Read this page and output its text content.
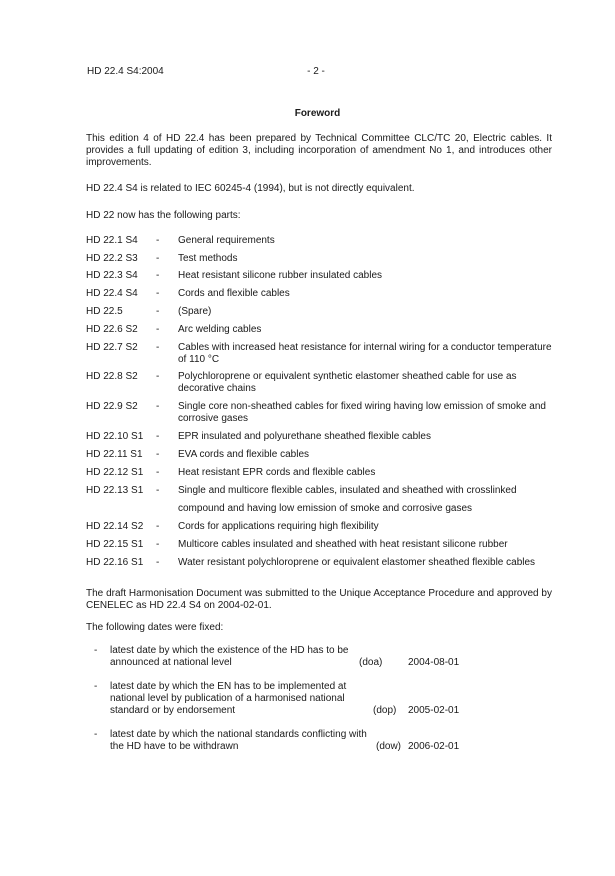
HD 22.4 S4:2004	- 2 -
Foreword
This edition 4 of HD 22.4 has been prepared by Technical Committee CLC/TC 20, Electric cables. It provides a full updating of edition 3, including incorporation of amendment No 1, and introduces other improvements.
HD 22.4 S4 is related to IEC 60245-4 (1994), but is not directly equivalent.
HD 22 now has the following parts:
HD 22.1 S4 - General requirements
HD 22.2 S3 - Test methods
HD 22.3 S4 - Heat resistant silicone rubber insulated cables
HD 22.4 S4 - Cords and flexible cables
HD 22.5	- (Spare)
HD 22.6 S2 - Arc welding cables
HD 22.7 S2 - Cables with increased heat resistance for internal wiring for a conductor temperature of 110 °C
HD 22.8 S2 - Polychloroprene or equivalent synthetic elastomer sheathed cable for use as decorative chains
HD 22.9 S2 - Single core non-sheathed cables for fixed wiring having low emission of smoke and corrosive gases
HD 22.10 S1 - EPR insulated and polyurethane sheathed flexible cables
HD 22.11 S1 - EVA cords and flexible cables
HD 22.12 S1 - Heat resistant EPR cords and flexible cables
HD 22.13 S1 - Single and multicore flexible cables, insulated and sheathed with crosslinked
compound and having low emission of smoke and corrosive gases
HD 22.14 S2 - Cords for applications requiring high flexibility
HD 22.15 S1 - Multicore cables insulated and sheathed with heat resistant silicone rubber
HD 22.16 S1 - Water resistant polychloroprene or equivalent elastomer sheathed flexible cables
The draft Harmonisation Document was submitted to the Unique Acceptance Procedure and approved by CENELEC as HD 22.4 S4 on 2004-02-01.
The following dates were fixed:
- latest date by which the existence of the HD has to be announced at national level	(doa)	2004-08-01
- latest date by which the EN has to be implemented at national level by publication of a harmonised national standard or by endorsement	(dop)	2005-02-01
- latest date by which the national standards conflicting with the HD have to be withdrawn	(dow) 2006-02-01
